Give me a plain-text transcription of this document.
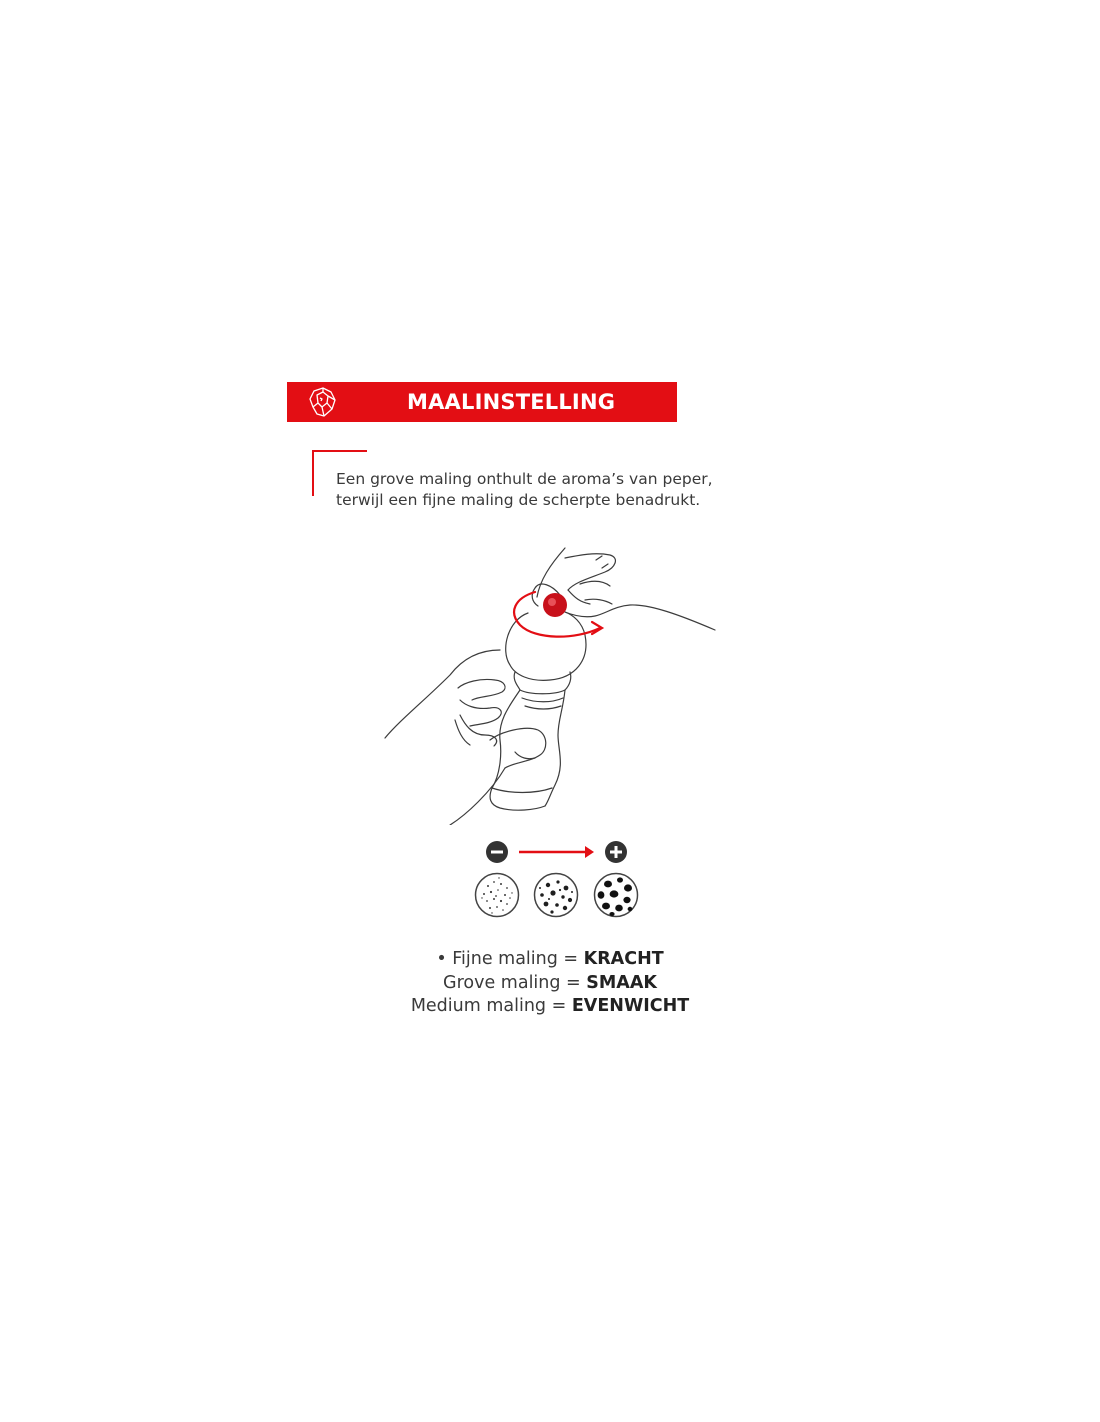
MAALINSTELLING
Een grove maling onthult de aroma’s van peper,
terwijl een fijne maling de scherpte benadrukt.
• Fijne maling = KRACHT
Grove maling = SMAAK
Medium maling = EVENWICHT
